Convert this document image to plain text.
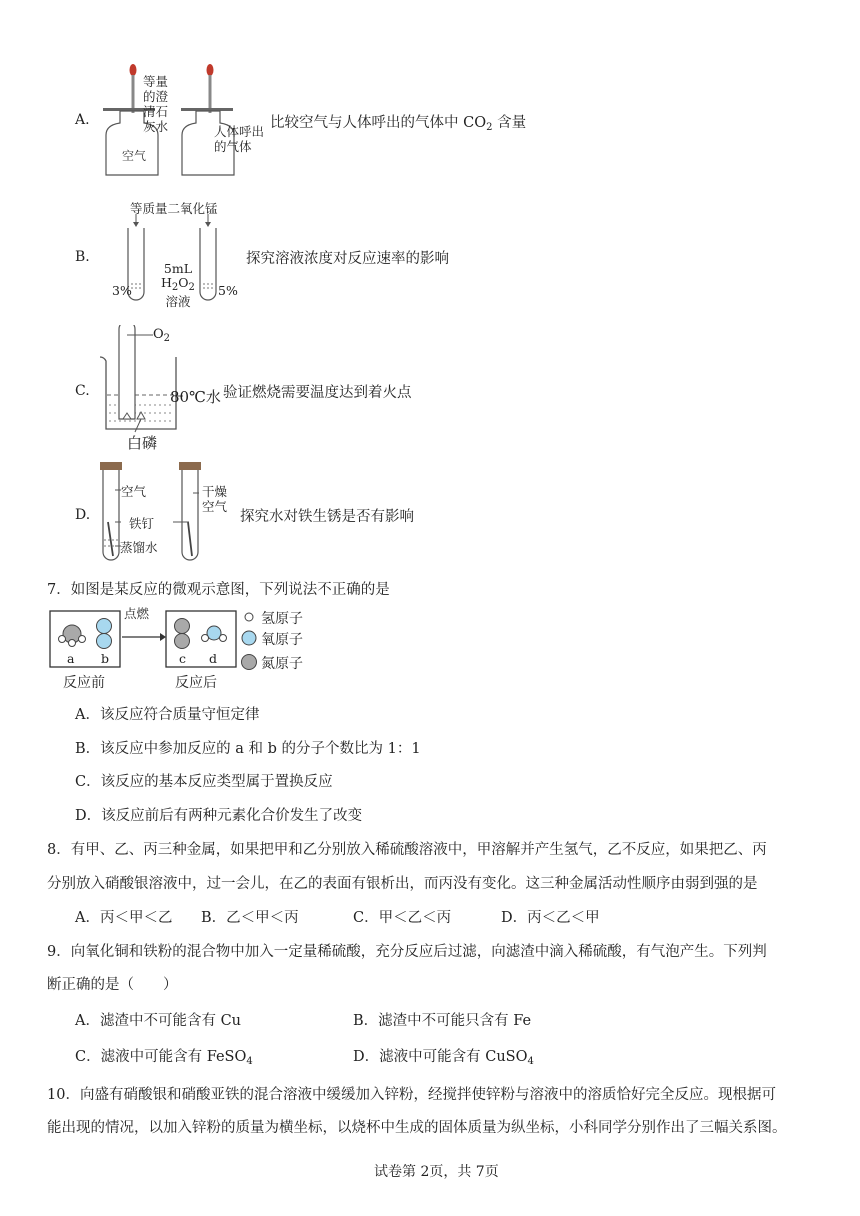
A.
空气
等量
的澄
清石
灰水	人体呼出
的气体
比较空气与人体呼出的气体中 $CO_2$ 含量
B.
等质量二氧化锰
3%	5%
5mL
$H_2O_2$
溶液
探究溶液浓度对反应速率的影响
C.
$O_2$
80℃水
白磷
验证燃烧需要温度达到着火点
D.
空气
铁钉
蒸馏水
干燥
空气
探究水对铁生锈是否有影响
7．如图是某反应的微观示意图，下列说法不正确的是
点燃
a b	c d
反应前	反应后
氢原子
氧原子
氮原子
A．该反应符合质量守恒定律
B．该反应中参加反应的 a 和 b 的分子个数比为 1：1
C．该反应的基本反应类型属于置换反应
D．该反应前后有两种元素化合价发生了改变
8．有甲、乙、丙三种金属，如果把甲和乙分别放入稀硫酸溶液中，甲溶解并产生氢气，乙不反应，如果把乙、丙
分别放入硝酸银溶液中，过一会儿，在乙的表面有银析出，而丙没有变化。这三种金属活动性顺序由弱到强的是
A．丙＜甲＜乙 B．乙＜甲＜丙	C．甲＜乙＜丙	D．丙＜乙＜甲
9．向氧化铜和铁粉的混合物中加入一定量稀硫酸，充分反应后过滤，向滤渣中滴入稀硫酸，有气泡产生。下列判
断正确的是（　　）
A．滤渣中不可能含有 Cu	B．滤渣中不可能只含有 Fe
C．滤液中可能含有 FeSO$_4$	D．滤液中可能含有 CuSO$_4$
10．向盛有硝酸银和硝酸亚铁的混合溶液中缓缓加入锌粉，经搅拌使锌粉与溶液中的溶质恰好完全反应。现根据可
能出现的情况，以加入锌粉的质量为横坐标，以烧杯中生成的固体质量为纵坐标，小科同学分别作出了三幅关系图。
试卷第 2页，共 7页
